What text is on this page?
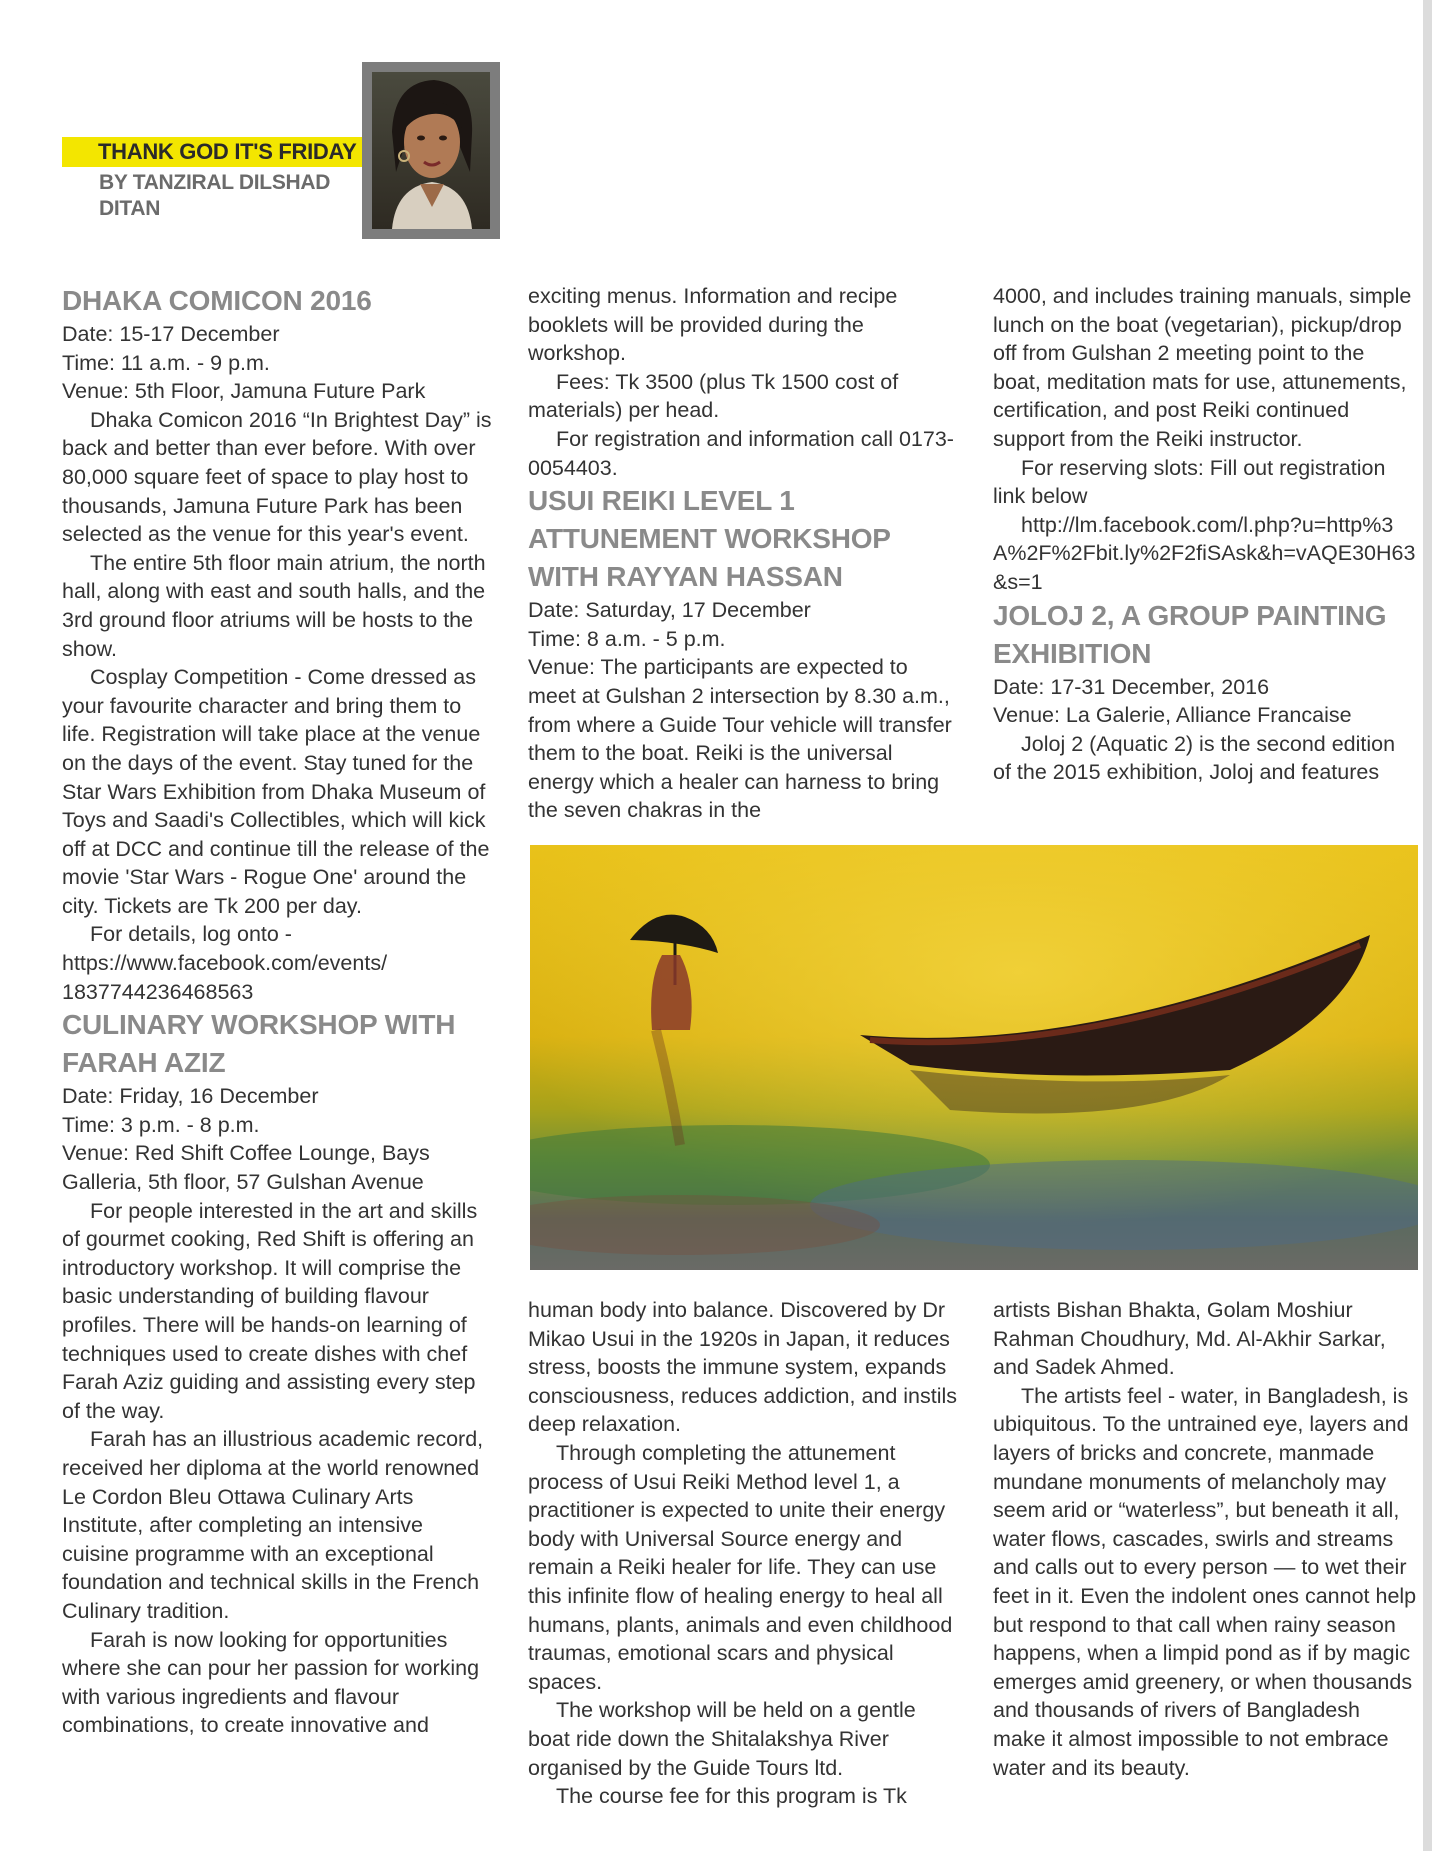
THANK GOD IT'S FRIDAY
BY TANZIRAL DILSHAD DITAN
DHAKA COMICON 2016

Date: 15-17 December

Time: 11 a.m. - 9 p.m.

Venue: 5th Floor, Jamuna Future Park

Dhaka Comicon 2016 “In Brightest Day” is back and better than ever before. With over 80,000 square feet of space to play host to thousands, Jamuna Future Park has been selected as the venue for this year's event.

The entire 5th floor main atrium, the north hall, along with east and south halls, and the 3rd ground floor atriums will be hosts to the show.

Cosplay Competition - Come dressed as your favourite character and bring them to life. Registration will take place at the venue on the days of the event. Stay tuned for the Star Wars Exhibition from Dhaka Museum of Toys and Saadi's Collectibles, which will kick off at DCC and continue till the release of the movie 'Star Wars - Rogue One' around the city. Tickets are Tk 200 per day.

For details, log onto -

https://www.facebook.com/events/ 1837744236468563

CULINARY WORKSHOP WITH FARAH AZIZ

Date: Friday, 16 December

Time: 3 p.m. - 8 p.m.

Venue: Red Shift Coffee Lounge, Bays Galleria, 5th floor, 57 Gulshan Avenue

For people interested in the art and skills of gourmet cooking, Red Shift is offering an introductory workshop. It will comprise the basic understanding of building flavour profiles. There will be hands-on learning of techniques used to create dishes with chef Farah Aziz guiding and assisting every step of the way.

Farah has an illustrious academic record, received her diploma at the world renowned Le Cordon Bleu Ottawa Culinary Arts Institute, after completing an intensive cuisine programme with an exceptional foundation and technical skills in the French Culinary tradition.

Farah is now looking for opportunities where she can pour her passion for working with various ingredients and flavour combinations, to create innovative and

exciting menus. Information and recipe booklets will be provided during the workshop.

Fees: Tk 3500 (plus Tk 1500 cost of materials) per head.

For registration and information call 0173-0054403.

USUI REIKI LEVEL 1 ATTUNEMENT WORKSHOP WITH RAYYAN HASSAN

Date: Saturday, 17 December

Time: 8 a.m. - 5 p.m.

Venue: The participants are expected to meet at Gulshan 2 intersection by 8.30 a.m., from where a Guide Tour vehicle will transfer them to the boat. Reiki is the universal energy which a healer can harness to bring the seven chakras in the

4000, and includes training manuals, simple lunch on the boat (vegetarian), pickup/drop off from Gulshan 2 meeting point to the boat, meditation mats for use, attunements, certification, and post Reiki continued support from the Reiki instructor.

For reserving slots: Fill out registration link below

http://lm.facebook.com/l.php?u=http%3A%2F%2Fbit.ly%2F2fiSAsk&h=vAQE30H63&s=1

JOLOJ 2, A GROUP PAINTING EXHIBITION

Date: 17-31 December, 2016

Venue: La Galerie, Alliance Francaise

Joloj 2 (Aquatic 2) is the second edition of the 2015 exhibition, Joloj and features

human body into balance. Discovered by Dr Mikao Usui in the 1920s in Japan, it reduces stress, boosts the immune system, expands consciousness, reduces addiction, and instils deep relaxation.

Through completing the attunement process of Usui Reiki Method level 1, a practitioner is expected to unite their energy body with Universal Source energy and remain a Reiki healer for life. They can use this infinite flow of healing energy to heal all humans, plants, animals and even childhood traumas, emotional scars and physical spaces.

The workshop will be held on a gentle boat ride down the Shitalakshya River organised by the Guide Tours ltd.

The course fee for this program is Tk

artists Bishan Bhakta, Golam Moshiur Rahman Choudhury, Md. Al-Akhir Sarkar, and Sadek Ahmed.

The artists feel - water, in Bangladesh, is ubiquitous. To the untrained eye, layers and layers of bricks and concrete, manmade mundane monuments of melancholy may seem arid or “waterless”, but beneath it all, water flows, cascades, swirls and streams and calls out to every person — to wet their feet in it. Even the indolent ones cannot help but respond to that call when rainy season happens, when a limpid pond as if by magic emerges amid greenery, or when thousands and thousands of rivers of Bangladesh make it almost impossible to not embrace water and its beauty.
